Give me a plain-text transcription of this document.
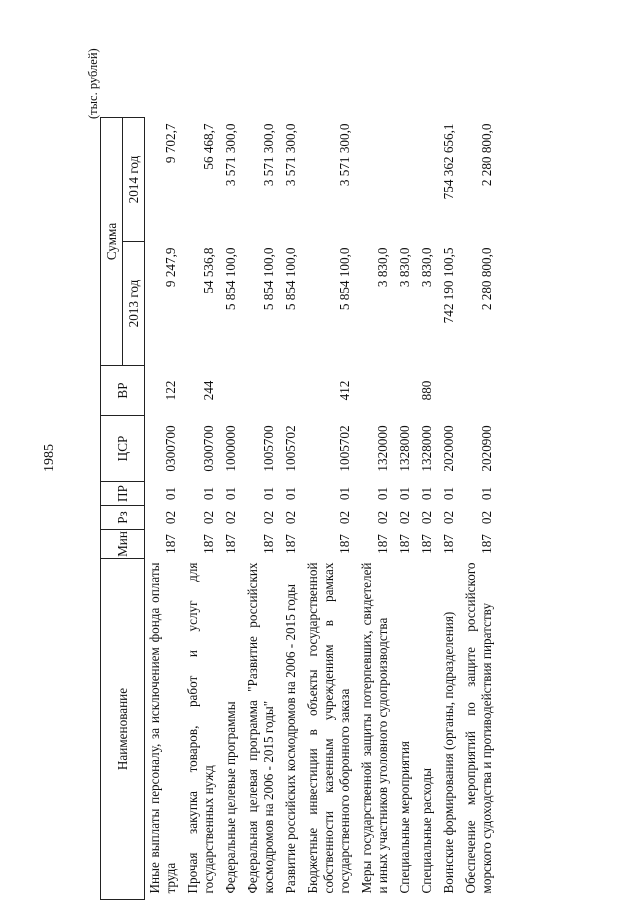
1985
(тыс. рублей)
Наименование	Мин	Рз	ПР	ЦСР	ВР	Сумма	
						2013 год	2014 год
Иные выплаты персоналу, за исключением фонда оплаты труда	187	02	01	0300700	122	9 247,9	9 702,7
Прочая закупка товаров, работ и услуг для государственных нужд	187	02	01	0300700	244	54 536,8	56 468,7
Федеральные целевые программы	187	02	01	1000000		5 854 100,0	3 571 300,0
Федеральная целевая программа "Развитие российских космодромов на 2006 - 2015 годы"	187	02	01	1005700		5 854 100,0	3 571 300,0
Развитие российских космодромов на 2006 - 2015 годы	187	02	01	1005702		5 854 100,0	3 571 300,0
Бюджетные инвестиции в объекты государственной собственности казенным учреждениям в рамках государственного оборонного заказа	187	02	01	1005702	412	5 854 100,0	3 571 300,0
Меры государственной защиты потерпевших, свидетелей и иных участников уголовного судопроизводства	187	02	01	1320000		3 830,0	
Специальные мероприятия	187	02	01	1328000		3 830,0	
Специальные расходы	187	02	01	1328000	880	3 830,0	
Воинские формирования (органы, подразделения)	187	02	01	2020000		742 190 100,5	754 362 656,1
Обеспечение мероприятий по защите российского морского судоходства и противодействия пиратству	187	02	01	2020900		2 280 800,0	2 280 800,0
